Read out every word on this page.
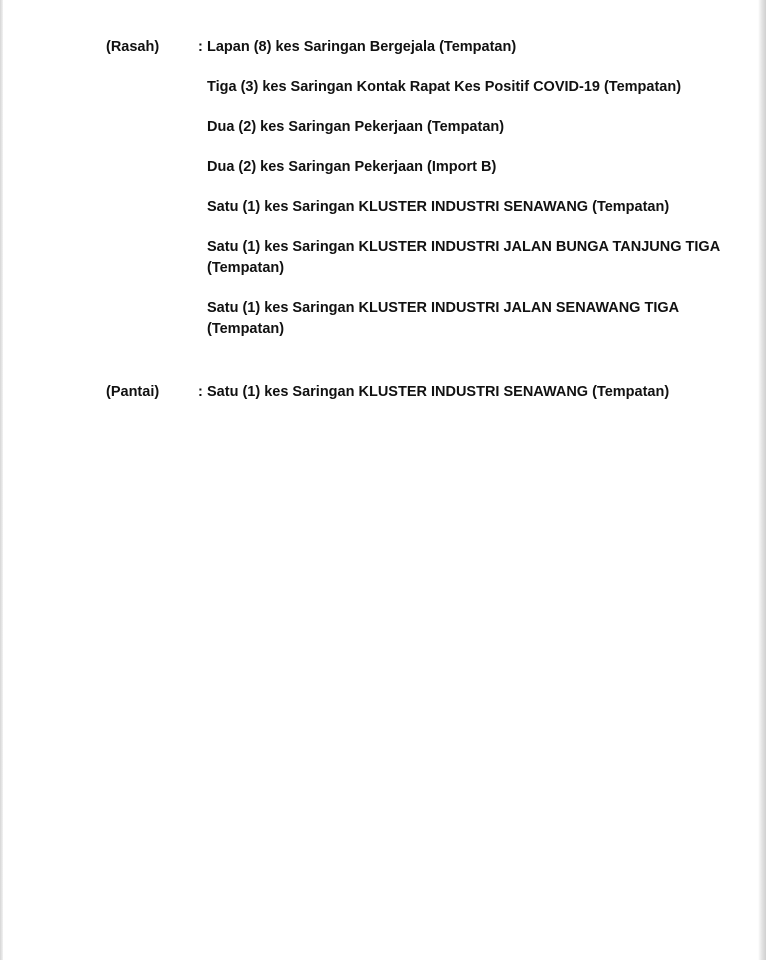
(Rasah)	: Lapan (8) kes Saringan Bergejala (Tempatan)
Tiga (3) kes Saringan Kontak Rapat Kes Positif COVID-19 (Tempatan)
Dua (2) kes Saringan Pekerjaan (Tempatan)
Dua (2) kes Saringan Pekerjaan (Import B)
Satu (1) kes Saringan KLUSTER INDUSTRI SENAWANG (Tempatan)
Satu (1) kes Saringan KLUSTER INDUSTRI JALAN BUNGA TANJUNG TIGA (Tempatan)
Satu (1) kes Saringan KLUSTER INDUSTRI JALAN SENAWANG TIGA (Tempatan)
(Pantai)	: Satu (1) kes Saringan KLUSTER INDUSTRI SENAWANG (Tempatan)
